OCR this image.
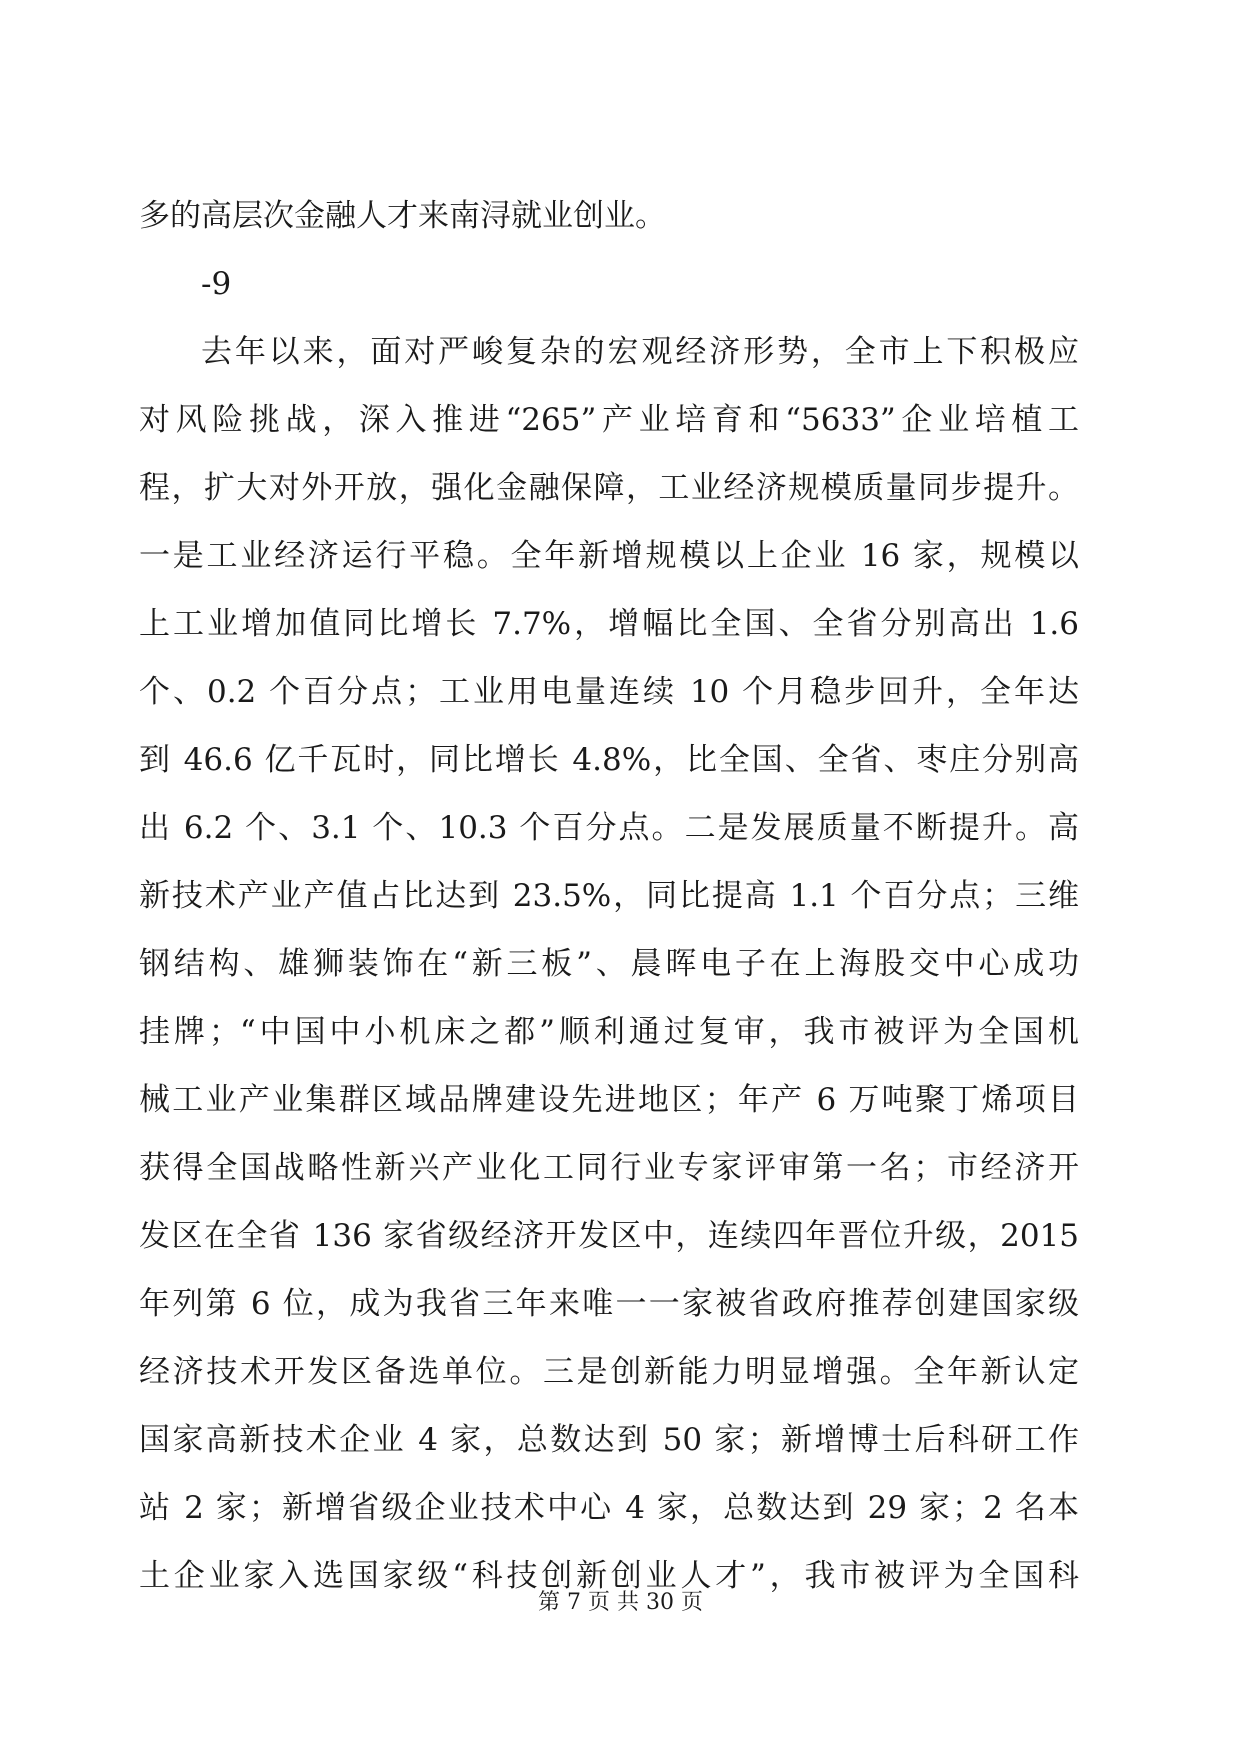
多的高层次金融人才来南浔就业创业。
-9
去年以来，面对严峻复杂的宏观经济形势，全市上下积极应
对风险挑战，深入推进“265”产业培育和“5633”企业培植工
程，扩大对外开放，强化金融保障，工业经济规模质量同步提升。
一是工业经济运行平稳。全年新增规模以上企业 16 家，规模以
上工业增加值同比增长 7.7%，增幅比全国、全省分别高出 1.6
个、0.2 个百分点；工业用电量连续 10 个月稳步回升，全年达
到 46.6 亿千瓦时，同比增长 4.8%，比全国、全省、枣庄分别高
出 6.2 个、3.1 个、10.3 个百分点。二是发展质量不断提升。高
新技术产业产值占比达到 23.5%，同比提高 1.1 个百分点；三维
钢结构、雄狮装饰在“新三板”、晨晖电子在上海股交中心成功
挂牌；“中国中小机床之都”顺利通过复审，我市被评为全国机
械工业产业集群区域品牌建设先进地区；年产 6 万吨聚丁烯项目
获得全国战略性新兴产业化工同行业专家评审第一名；市经济开
发区在全省 136 家省级经济开发区中，连续四年晋位升级，2015
年列第 6 位，成为我省三年来唯一一家被省政府推荐创建国家级
经济技术开发区备选单位。三是创新能力明显增强。全年新认定
国家高新技术企业 4 家，总数达到 50 家；新增博士后科研工作
站 2 家；新增省级企业技术中心 4 家，总数达到 29 家；2 名本
土企业家入选国家级“科技创新创业人才”，我市被评为全国科
第 7 页 共 30 页
